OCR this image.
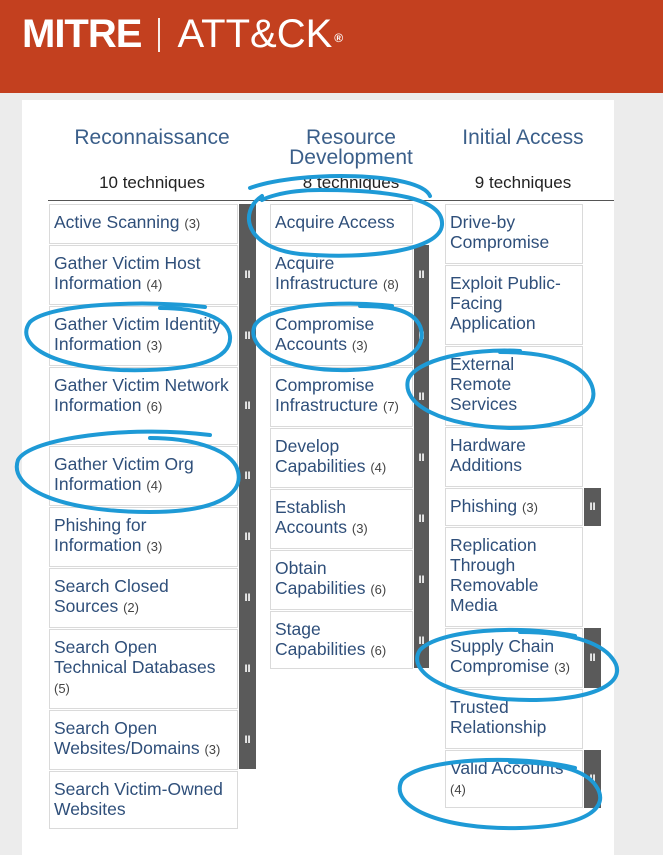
MITRE ATT&CK ®
Reconnaissance
10 techniques
Resource Development
8 techniques
Initial Access
9 techniques
Active Scanning (3)
Gather Victim Host Information (4)
Gather Victim Identity Information (3)
Gather Victim Network Information (6)
Gather Victim Org Information (4)
Phishing for Information (3)
Search Closed Sources (2)
Search Open Technical Databases (5)
Search Open Websites/Domains (3)
Search Victim-Owned Websites
II
II
II
II
II
II
II
II
Acquire Access
Acquire Infrastructure (8)
Compromise Accounts (3)
Compromise Infrastructure (7)
Develop Capabilities (4)
Establish Accounts (3)
Obtain Capabilities (6)
Stage Capabilities (6)
II
II
II
II
II
II
II
Drive-by Compromise
Exploit Public-Facing Application
External Remote Services
Hardware Additions
Phishing (3)
Replication Through Removable Media
Supply Chain Compromise (3)
Trusted Relationship
Valid Accounts (4)
II
II
II
